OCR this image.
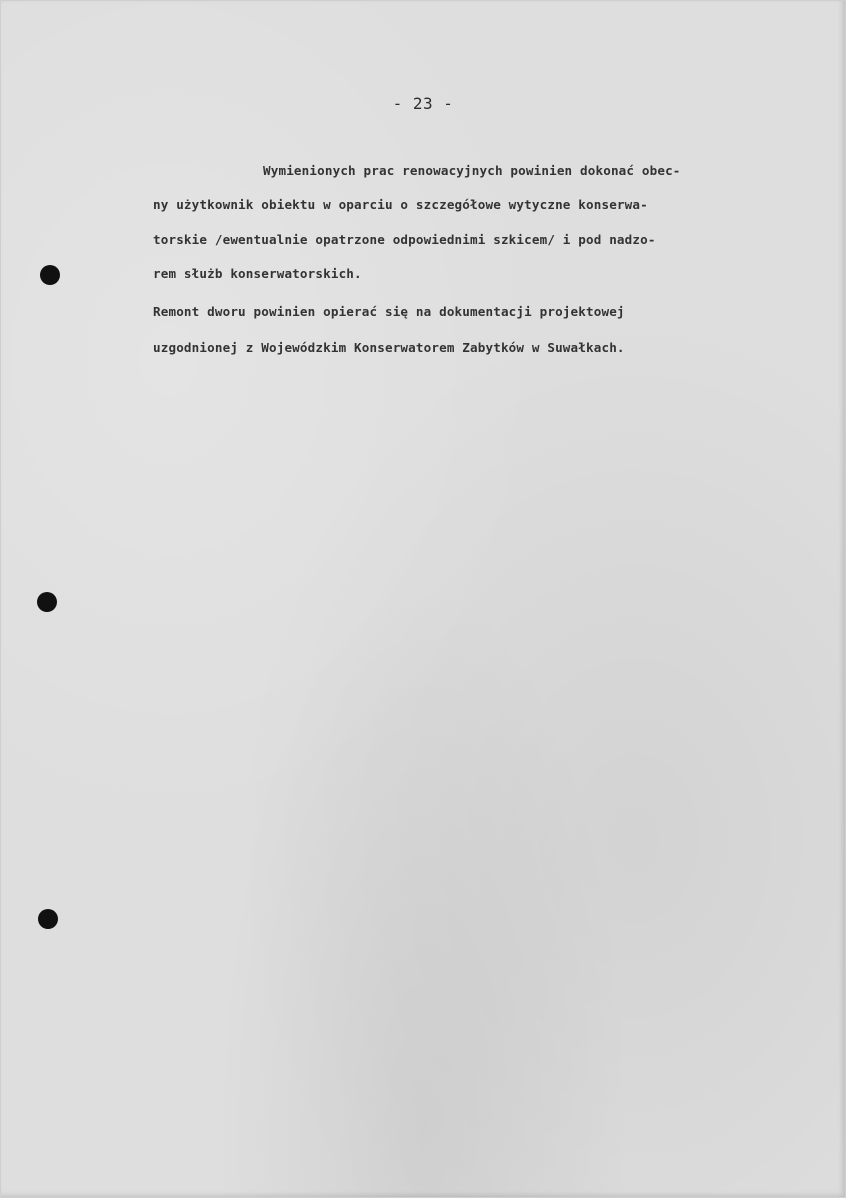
- 23 -
Wymienionych prac renowacyjnych powinien dokonać obec-
ny użytkownik obiektu w oparciu o szczegółowe wytyczne konserwa-
torskie /ewentualnie opatrzone odpowiednimi szkicem/ i pod nadzo-
rem służb konserwatorskich.
Remont dworu powinien opierać się na dokumentacji projektowej
uzgodnionej z Wojewódzkim Konserwatorem Zabytków w Suwałkach.
